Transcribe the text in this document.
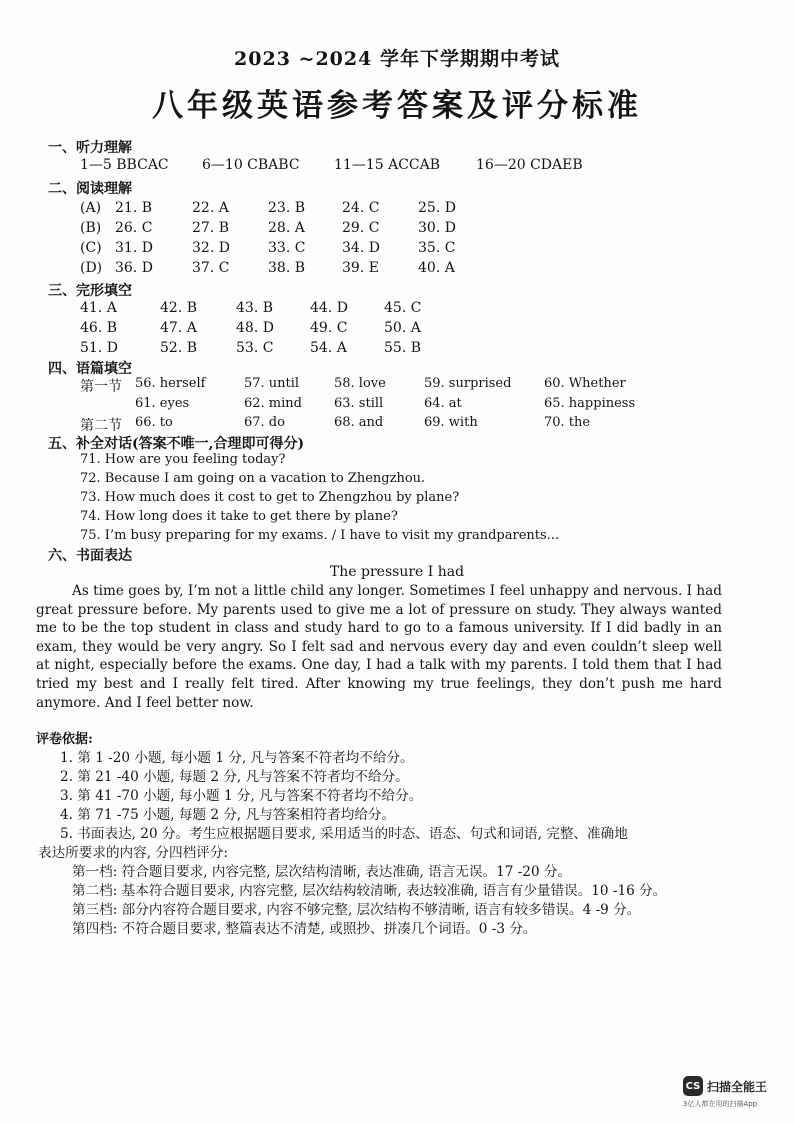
2023 ~2024 学年下学期期中考试
八年级英语参考答案及评分标准
一、听力理解
1—5 BBCAC 6—10 CBABC 11—15 ACCAB	16—20 CDAEB
二、阅读理解
(A) 21. B	22. A	23. B	24. C	25. D
(B) 26. C	27. B	28. A	29. C	30. D
(C) 31. D	32. D	33. C	34. D	35. C
(D) 36. D	37. C	38. B	39. E	40. A
三、完形填空
41. A	42. B	43. B	44. D	45. C
46. B	47. A	48. D	49. C	50. A
51. D	52. B	53. C	54. A	55. B
四、语篇填空
第一节 56. herself	57. until	58. love	59. surprised	60. Whether
61. eyes	62. mind 63. still	64. at	65. happiness
第二节 66. to	67. do	68. and	69. with	70. the
五、补全对话(答案不唯一,合理即可得分)
71. How are you feeling today?
72. Because I am going on a vacation to Zhengzhou.
73. How much does it cost to get to Zhengzhou by plane?
74. How long does it take to get there by plane?
75. I’m busy preparing for my exams. / I have to visit my grandparents...
六、书面表达
The pressure I had

As time goes by, I’m not a little child any longer. Sometimes I feel unhappy and nervous. I had great pressure before. My parents used to give me a lot of pressure on study. They always wanted me to be the top student in class and study hard to go to a famous university. If I did badly in an exam, they would be very angry. So I felt sad and nervous every day and even couldn’t sleep well at night, especially before the exams. One day, I had a talk with my parents. I told them that I had tried my best and I really felt tired. After knowing my true feelings, they don’t push me hard anymore. And I feel better now.

评卷依据:
1. 第 1 -20 小题, 每小题 1 分, 凡与答案不符者均不给分。
2. 第 21 -40 小题, 每题 2 分, 凡与答案不符者均不给分。
3. 第 41 -70 小题, 每小题 1 分, 凡与答案不符者均不给分。
4. 第 71 -75 小题, 每题 2 分, 凡与答案相符者均给分。
5. 书面表达, 20 分。考生应根据题目要求, 采用适当的时态、语态、句式和词语, 完整、准确地
表达所要求的内容, 分四档评分:
第一档: 符合题目要求, 内容完整, 层次结构清晰, 表达准确, 语言无误。17 -20 分。
第二档: 基本符合题目要求, 内容完整, 层次结构较清晰, 表达较准确, 语言有少量错误。10 -16 分。
第三档: 部分内容符合题目要求, 内容不够完整, 层次结构不够清晰, 语言有较多错误。4 -9 分。
第四档: 不符合题目要求, 整篇表达不清楚, 或照抄、拼凑几个词语。0 -3 分。
CS 扫描全能王
3亿人都在用的扫描App
